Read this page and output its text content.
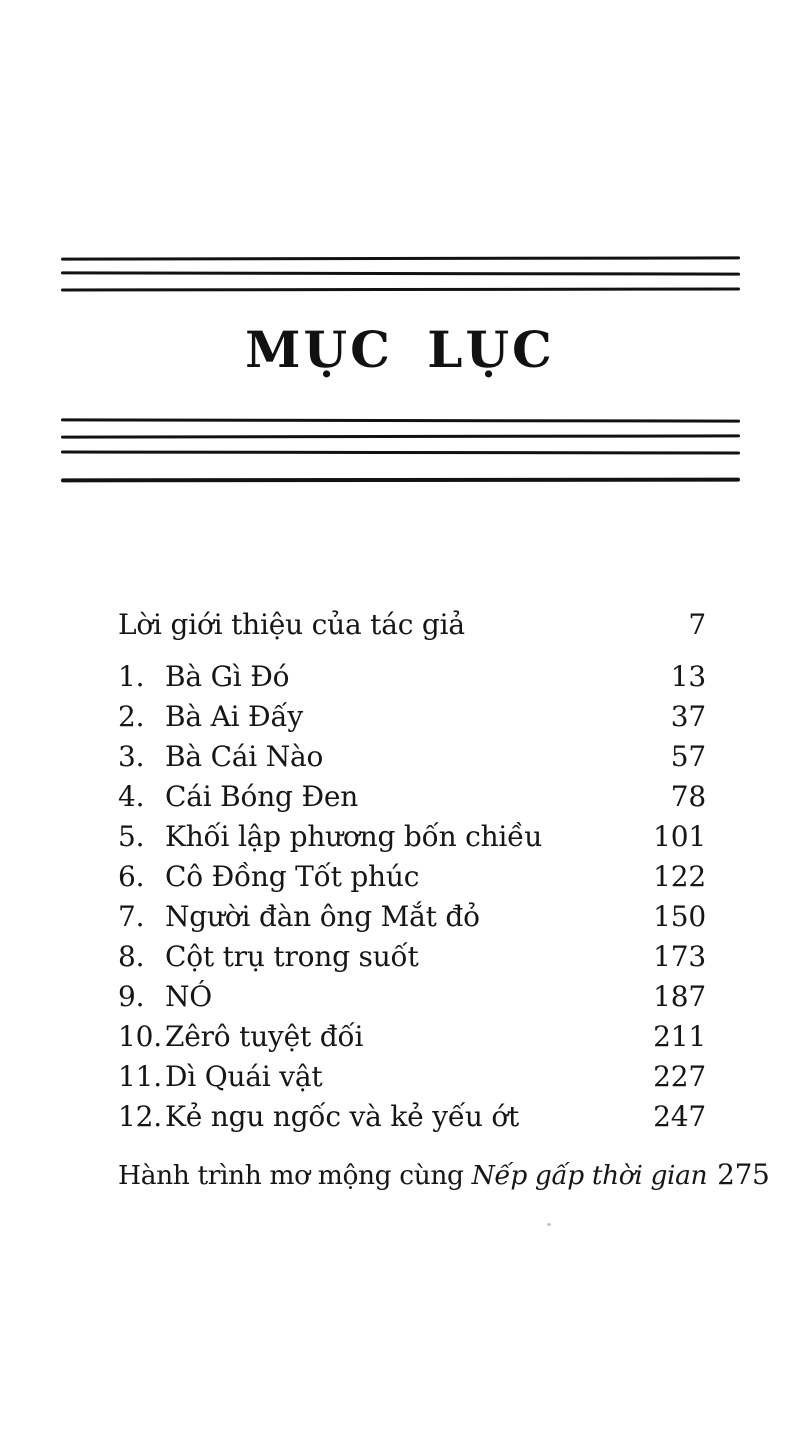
MỤC LỤC
Lời giới thiệu của tác giả	7
1. Bà Gì Đó	13
2. Bà Ai Đấy	37
3. Bà Cái Nào	57
4. Cái Bóng Đen	78
5. Khối lập phương bốn chiều	101
6. Cô Đồng Tốt phúc	122
7. Người đàn ông Mắt đỏ	150
8. Cột trụ trong suốt	173
9. NÓ	187
10. Zêrô tuyệt đối	211
11. Dì Quái vật	227
12. Kẻ ngu ngốc và kẻ yếu ớt	247
Hành trình mơ mộng cùng Nếp gấp thời gian 275
